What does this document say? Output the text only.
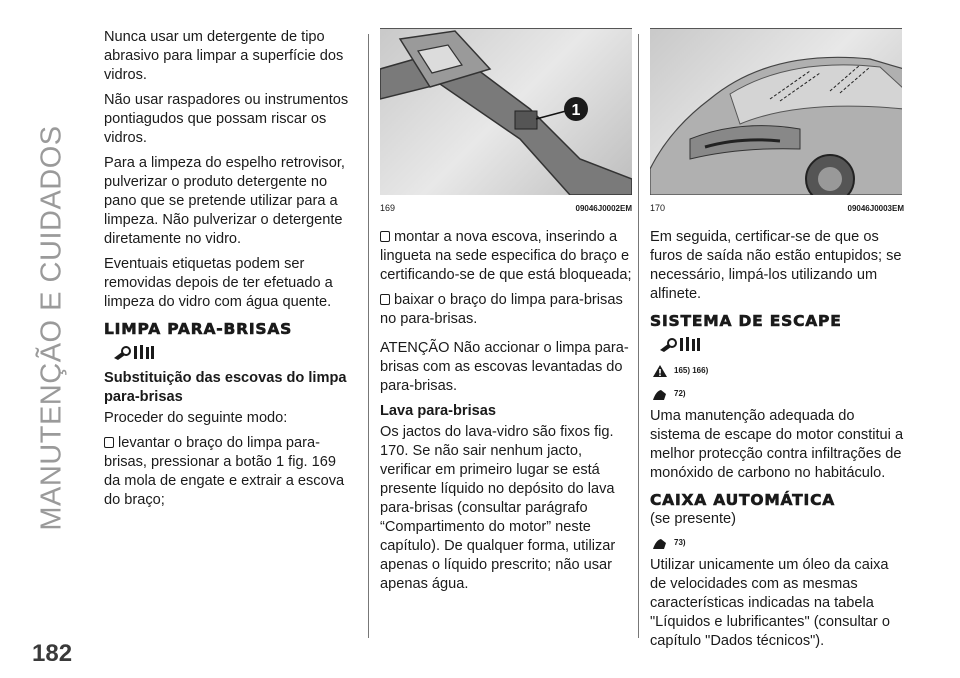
MANUTENÇÃO E CUIDADOS
182

Nunca usar um detergente de tipo abrasivo para limpar a superfície dos vidros.

Não usar raspadores ou instrumentos pontiagudos que possam riscar os vidros.

Para a limpeza do espelho retrovisor, pulverizar o produto detergente no pano que se pretende utilizar para a limpeza. Não pulverizar o detergente diretamente no vidro.

Eventuais etiquetas podem ser removidas depois de ter efetuado a limpeza do vidro com água quente.

LIMPA PARA-BRISAS
Substituição das escovas do limpa para-brisas

Proceder do seguinte modo:

levantar o braço do limpa para-brisas, pressionar a botão 1 fig. 169 da mola de engate e extrair a escova do braço;

1
169	09046J0002EM

montar a nova escova, inserindo a lingueta na sede especifica do braço e certificando-se de que está bloqueada;

baixar o braço do limpa para-brisas no para-brisas.

ATENÇÃO Não accionar o limpa para-brisas com as escovas levantadas do para-brisas.

Lava para-brisas

Os jactos do lava-vidro são fixos fig. 170. Se não sair nenhum jacto, verificar em primeiro lugar se está presente líquido no depósito do lava para-brisas (consultar parágrafo “Compartimento do motor” neste capítulo). De qualquer forma, utilizar apenas o líquido prescrito; não usar apenas água.

170	09046J0003EM

Em seguida, certificar-se de que os furos de saída não estão entupidos; se necessário, limpá-los utilizando um alfinete.

SISTEMA DE ESCAPE
165) 166)
72)

Uma manutenção adequada do sistema de escape do motor constitui a melhor protecção contra infiltrações de monóxido de carbono no habitáculo.

CAIXA AUTOMÁTICA

(se presente)

73)

Utilizar unicamente um óleo da caixa de velocidades com as mesmas características indicadas na tabela "Líquidos e lubrificantes" (consultar o capítulo "Dados técnicos").
